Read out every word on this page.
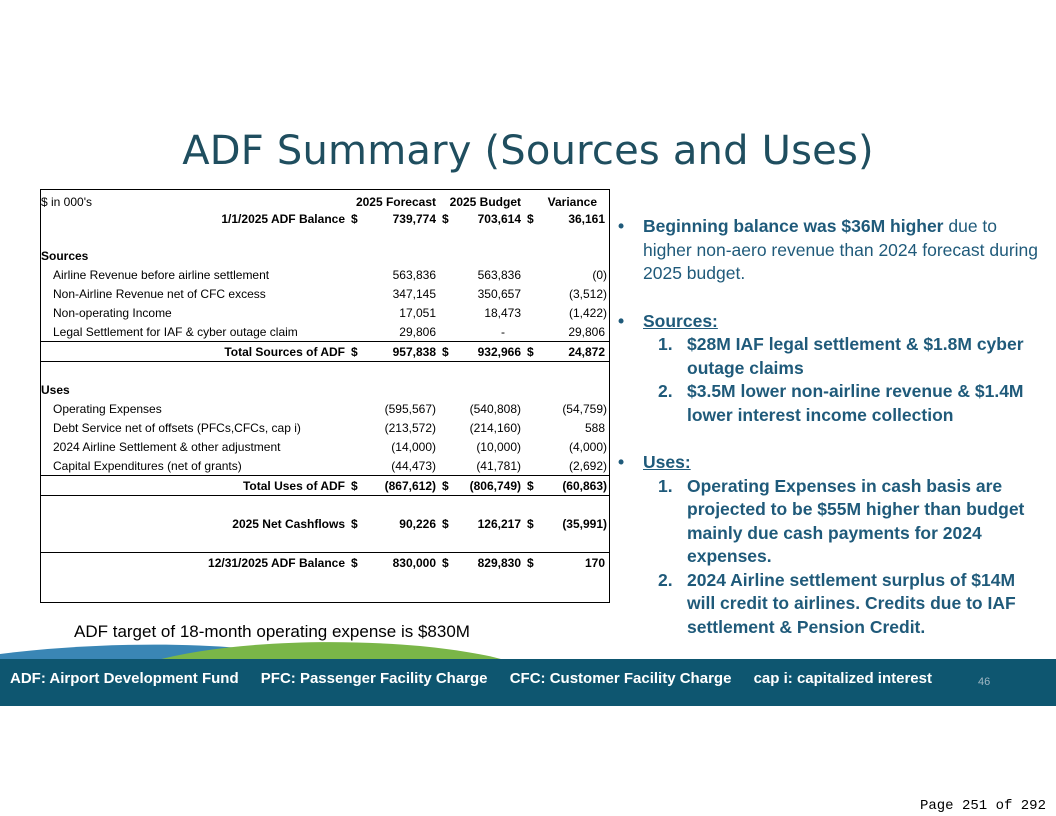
ADF Summary (Sources and Uses)
$ in 000's	2025 Forecast		2025 Budget		Variance	
1/1/2025 ADF Balance	$	739,774	$	703,614	$	36,161

Sources						
Airline Revenue before airline settlement		563,836		563,836		(0)
Non-Airline Revenue net of CFC excess		347,145		350,657		(3,512)
Non-operating Income		17,051		18,473		(1,422)
Legal Settlement for IAF & cyber outage claim		29,806		-		29,806
Total Sources of ADF	$	957,838	$	932,966	$	24,872

Uses						
Operating Expenses		(595,567)		(540,808)		(54,759)
Debt Service net of offsets (PFCs,CFCs, cap i)		(213,572)		(214,160)		588
2024 Airline Settlement & other adjustment		(14,000)		(10,000)		(4,000)
Capital Expenditures (net of grants)		(44,473)		(41,781)		(2,692)
Total Uses of ADF	$	(867,612)	$	(806,749)	$	(60,863)
2025 Net Cashflows	$	90,226	$	126,217	$	(35,991)
12/31/2025 ADF Balance	$	830,000	$	829,830	$	170
ADF target of 18-month operating expense is $830M
• Beginning balance was $36M higher due to higher non-aero revenue than 2024 forecast during 2025 budget.
• Sources:
1. $28M IAF legal settlement & $1.8M cyber outage claims
2. $3.5M lower non-airline revenue & $1.4M lower interest income collection
• Uses:
1. Operating Expenses in cash basis are projected to be $55M higher than budget mainly due cash payments for 2024 expenses.
2. 2024 Airline settlement surplus of $14M will credit to airlines. Credits due to IAF settlement & Pension Credit.
ADF: Airport Development Fund PFC: Passenger Facility Charge CFC: Customer Facility Charge cap i: capitalized interest	46
Page 251 of 292
